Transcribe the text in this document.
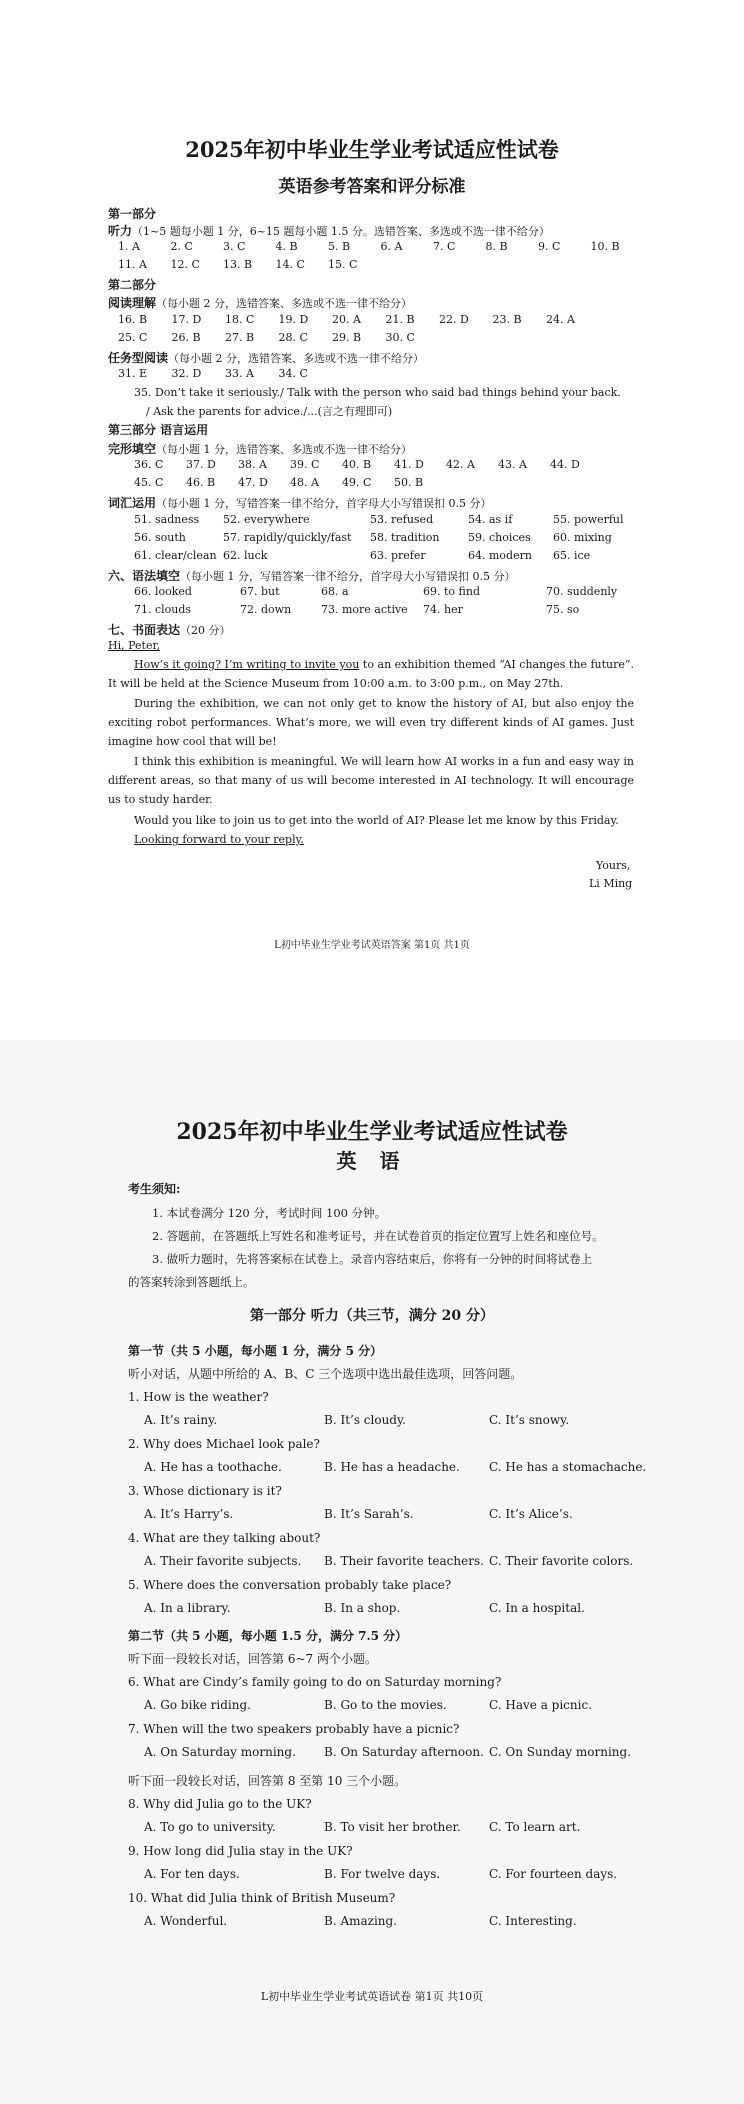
2025年初中毕业生学业考试适应性试卷
英语参考答案和评分标准
第一部分
听力（1~5 题每小题 1 分，6~15 题每小题 1.5 分。选错答案、多选或不选一律不给分）
1. A	2. C	3. C	4. B	5. B	6. A	7. C	8. B	9. C	10. B
11. A 12. C 13. B 14. C 15. C
第二部分
阅读理解（每小题 2 分，选错答案、多选或不选一律不给分）
16. B 17. D 18. C 19. D 20. A 21. B 22. D 23. B 24. A
25. C 26. B 27. B 28. C 29. B 30. C
任务型阅读（每小题 2 分，选错答案、多选或不选一律不给分）
31. E 32. D 33. A 34. C
35. Don’t take it seriously./ Talk with the person who said bad things behind your back.
/ Ask the parents for advice./...(言之有理即可)
第三部分 语言运用
完形填空（每小题 1 分，选错答案、多选或不选一律不给分）
36. C 37. D 38. A 39. C 40. B 41. D 42. A 43. A 44. D
45. C 46. B 47. D 48. A 49. C 50. B
词汇运用（每小题 1 分，写错答案一律不给分，首字母大小写错误扣 0.5 分）
51. sadness 52. everywhere	53. refused	54. as if	55. powerful
56. south	57. rapidly/quickly/fast 58. tradition	59. choices 60. mixing
61. clear/clean 62. luck	63. prefer	64. modern 65. ice
六、语法填空（每小题 1 分，写错答案一律不给分，首字母大小写错误扣 0.5 分）
66. looked	67. but	68. a	69. to find	70. suddenly
71. clouds	72. down	73. more active 74. her	75. so
七、书面表达（20 分）
Hi, Peter,
How’s it going? I’m writing to invite you to an exhibition themed “AI changes the future”. It will be held at the Science Museum from 10:00 a.m. to 3:00 p.m., on May 27th.
During the exhibition, we can not only get to know the history of AI, but also enjoy the exciting robot performances. What’s more, we will even try different kinds of AI games. Just imagine how cool that will be!
I think this exhibition is meaningful. We will learn how AI works in a fun and easy way in different areas, so that many of us will become interested in AI technology. It will encourage us to study harder.
Would you like to join us to get into the world of AI? Please let me know by this Friday.
Looking forward to your reply.
Yours,
Li Ming
L初中毕业生学业考试英语答案 第1页 共1页
2025年初中毕业生学业考试适应性试卷
英 语
考生须知:
1. 本试卷满分 120 分，考试时间 100 分钟。
2. 答题前，在答题纸上写姓名和准考证号，并在试卷首页的指定位置写上姓名和座位号。
3. 做听力题时，先将答案标在试卷上。录音内容结束后，你将有一分钟的时间将试卷上
的答案转涂到答题纸上。
第一部分 听力（共三节，满分 20 分）
第一节（共 5 小题，每小题 1 分，满分 5 分）
听小对话，从题中所给的 A、B、C 三个选项中选出最佳选项，回答问题。
第二节（共 5 小题，每小题 1.5 分，满分 7.5 分）
听下面一段较长对话，回答第 6~7 两个小题。
听下面一段较长对话，回答第 8 至第 10 三个小题。
L初中毕业生学业考试英语试卷 第1页 共10页
1. How is the weather?
A. It’s rainy.	B. It’s cloudy.	C. It’s snowy.
2. Why does Michael look pale?
A. He has a toothache.	B. He has a headache. C. He has a stomachache.
3. Whose dictionary is it?
A. It’s Harry’s.	B. It’s Sarah’s.	C. It’s Alice’s.
4. What are they talking about?
A. Their favorite subjects. B. Their favorite teachers. C. Their favorite colors.
5. Where does the conversation probably take place?
A. In a library.	B. In a shop.	C. In a hospital.
6. What are Cindy’s family going to do on Saturday morning?
A. Go bike riding.	B. Go to the movies.	C. Have a picnic.
7. When will the two speakers probably have a picnic?
A. On Saturday morning. B. On Saturday afternoon. C. On Sunday morning.
8. Why did Julia go to the UK?
A. To go to university.	B. To visit her brother. C. To learn art.
9. How long did Julia stay in the UK?
A. For ten days.	B. For twelve days.	C. For fourteen days.
10. What did Julia think of British Museum?
A. Wonderful.	B. Amazing.	C. Interesting.
